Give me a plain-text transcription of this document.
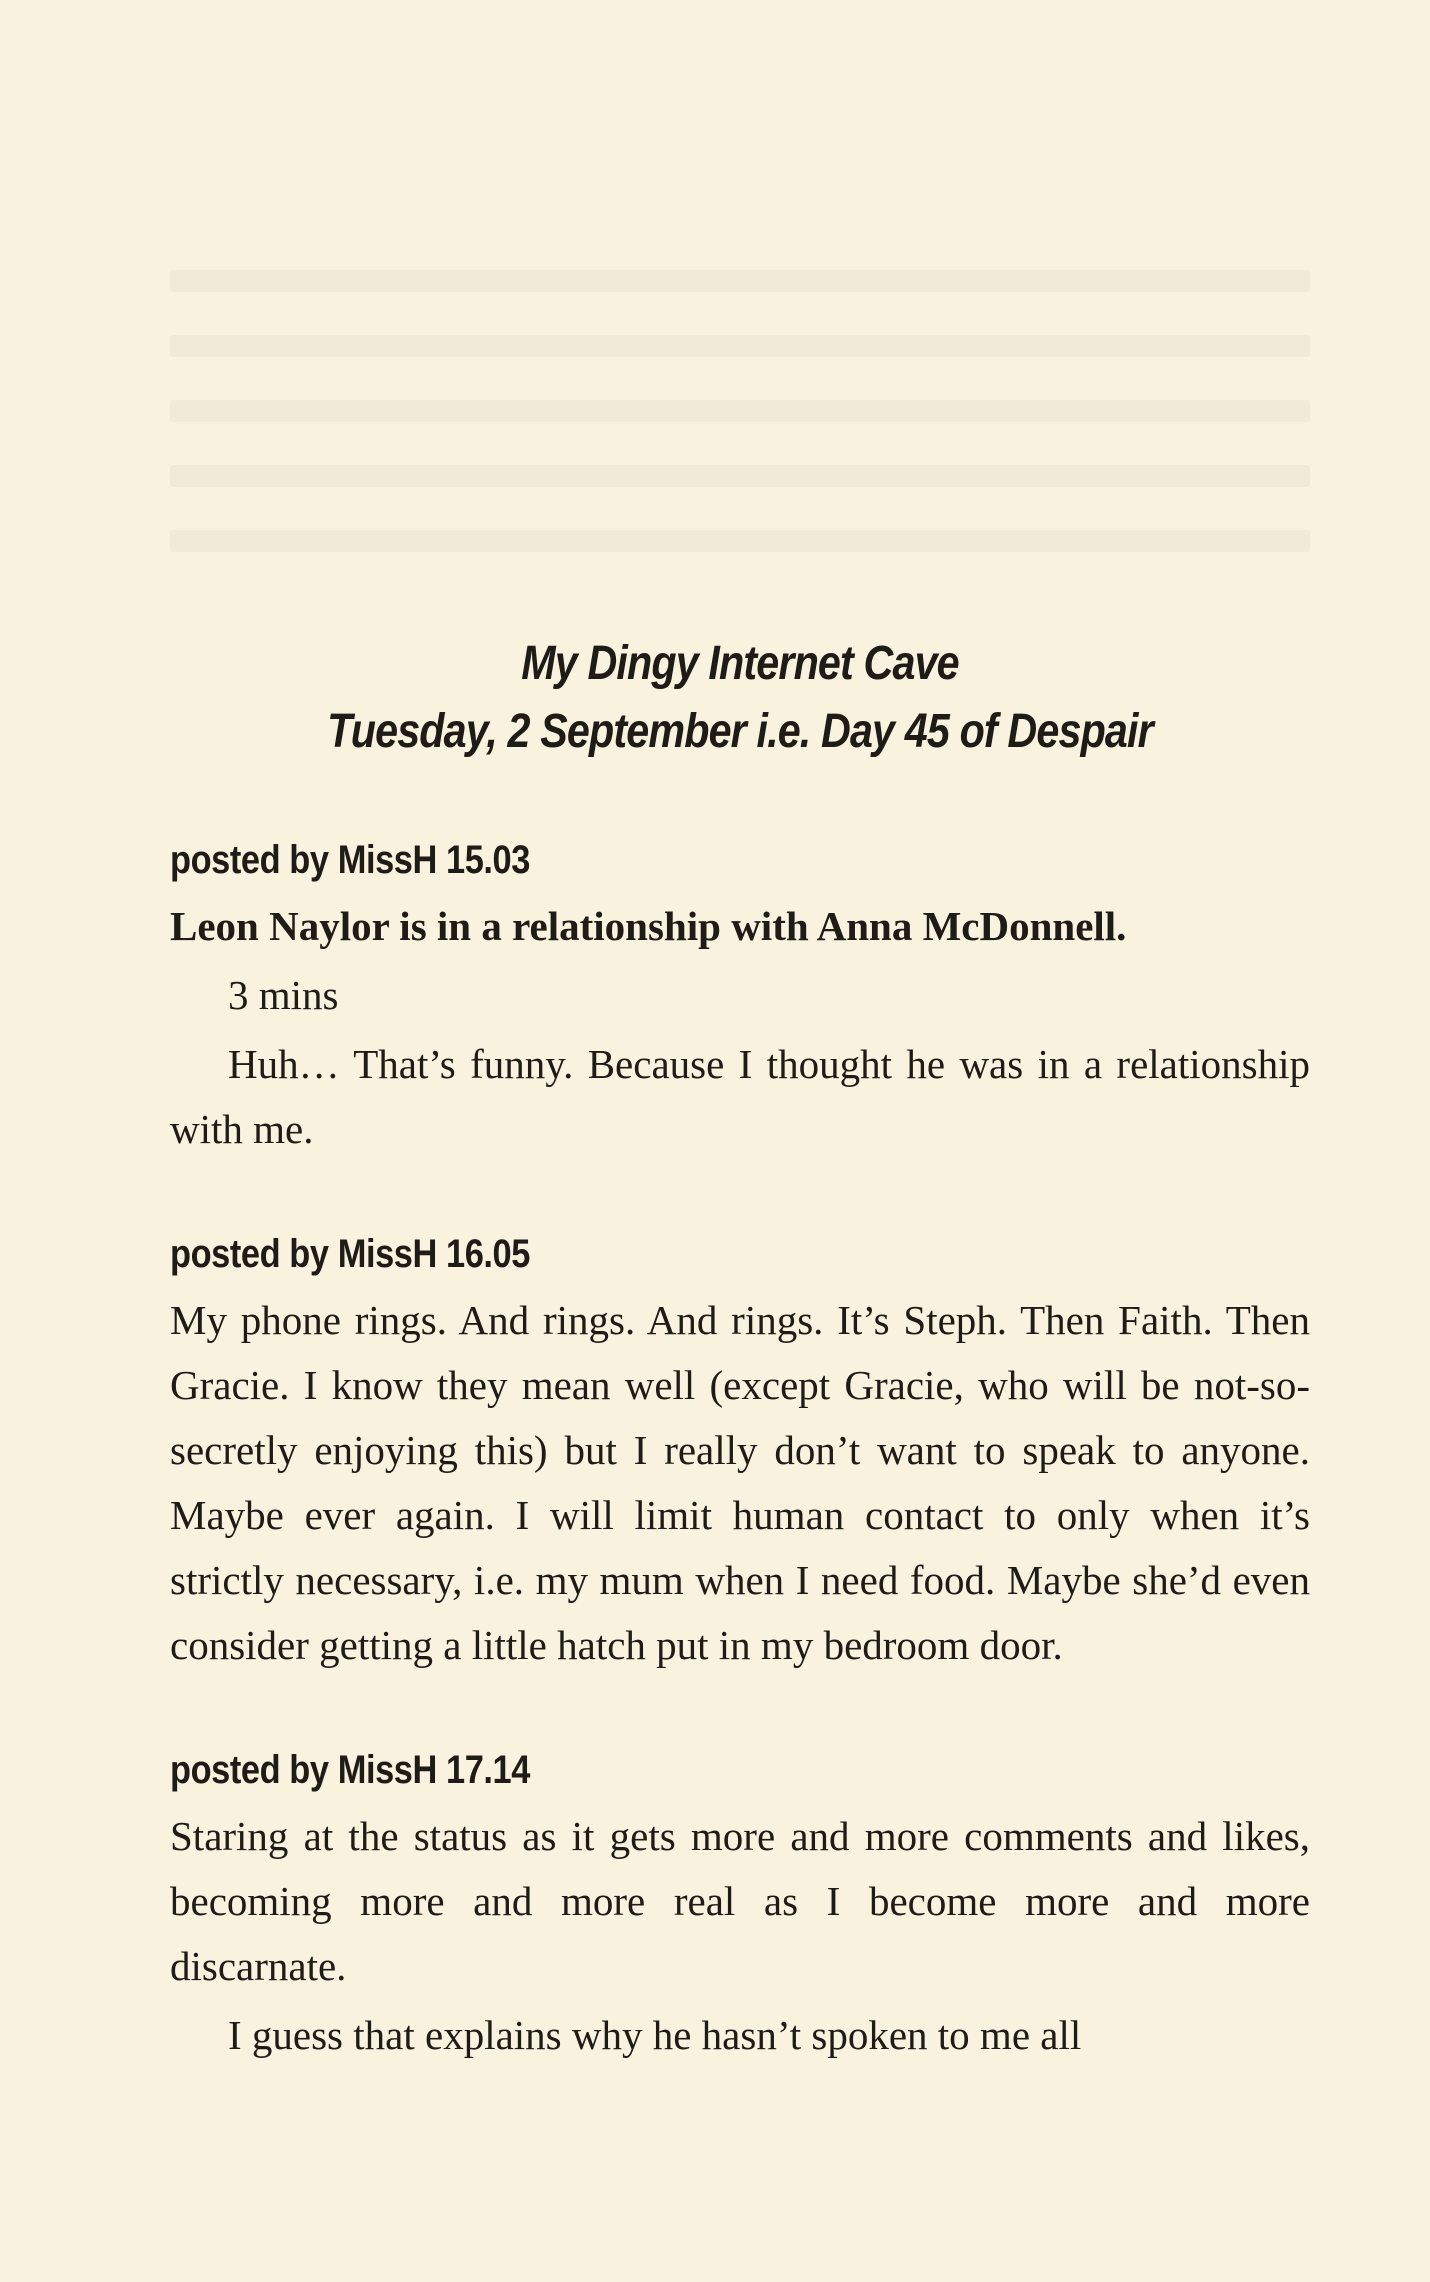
My Dingy Internet Cave
Tuesday, 2 September i.e. Day 45 of Despair
posted by MissH 15.03

Leon Naylor is in a relationship with Anna McDonnell.

3 mins

Huh… That’s funny. Because I thought he was in a relationship with me.

posted by MissH 16.05

My phone rings. And rings. And rings. It’s Steph. Then Faith. Then Gracie. I know they mean well (except Gracie, who will be not-so-secretly enjoying this) but I really don’t want to speak to anyone. Maybe ever again. I will limit human contact to only when it’s strictly necessary, i.e. my mum when I need food. Maybe she’d even consider getting a little hatch put in my bedroom door.

posted by MissH 17.14

Staring at the status as it gets more and more comments and likes, becoming more and more real as I become more and more discarnate.

I guess that explains why he hasn’t spoken to me all
